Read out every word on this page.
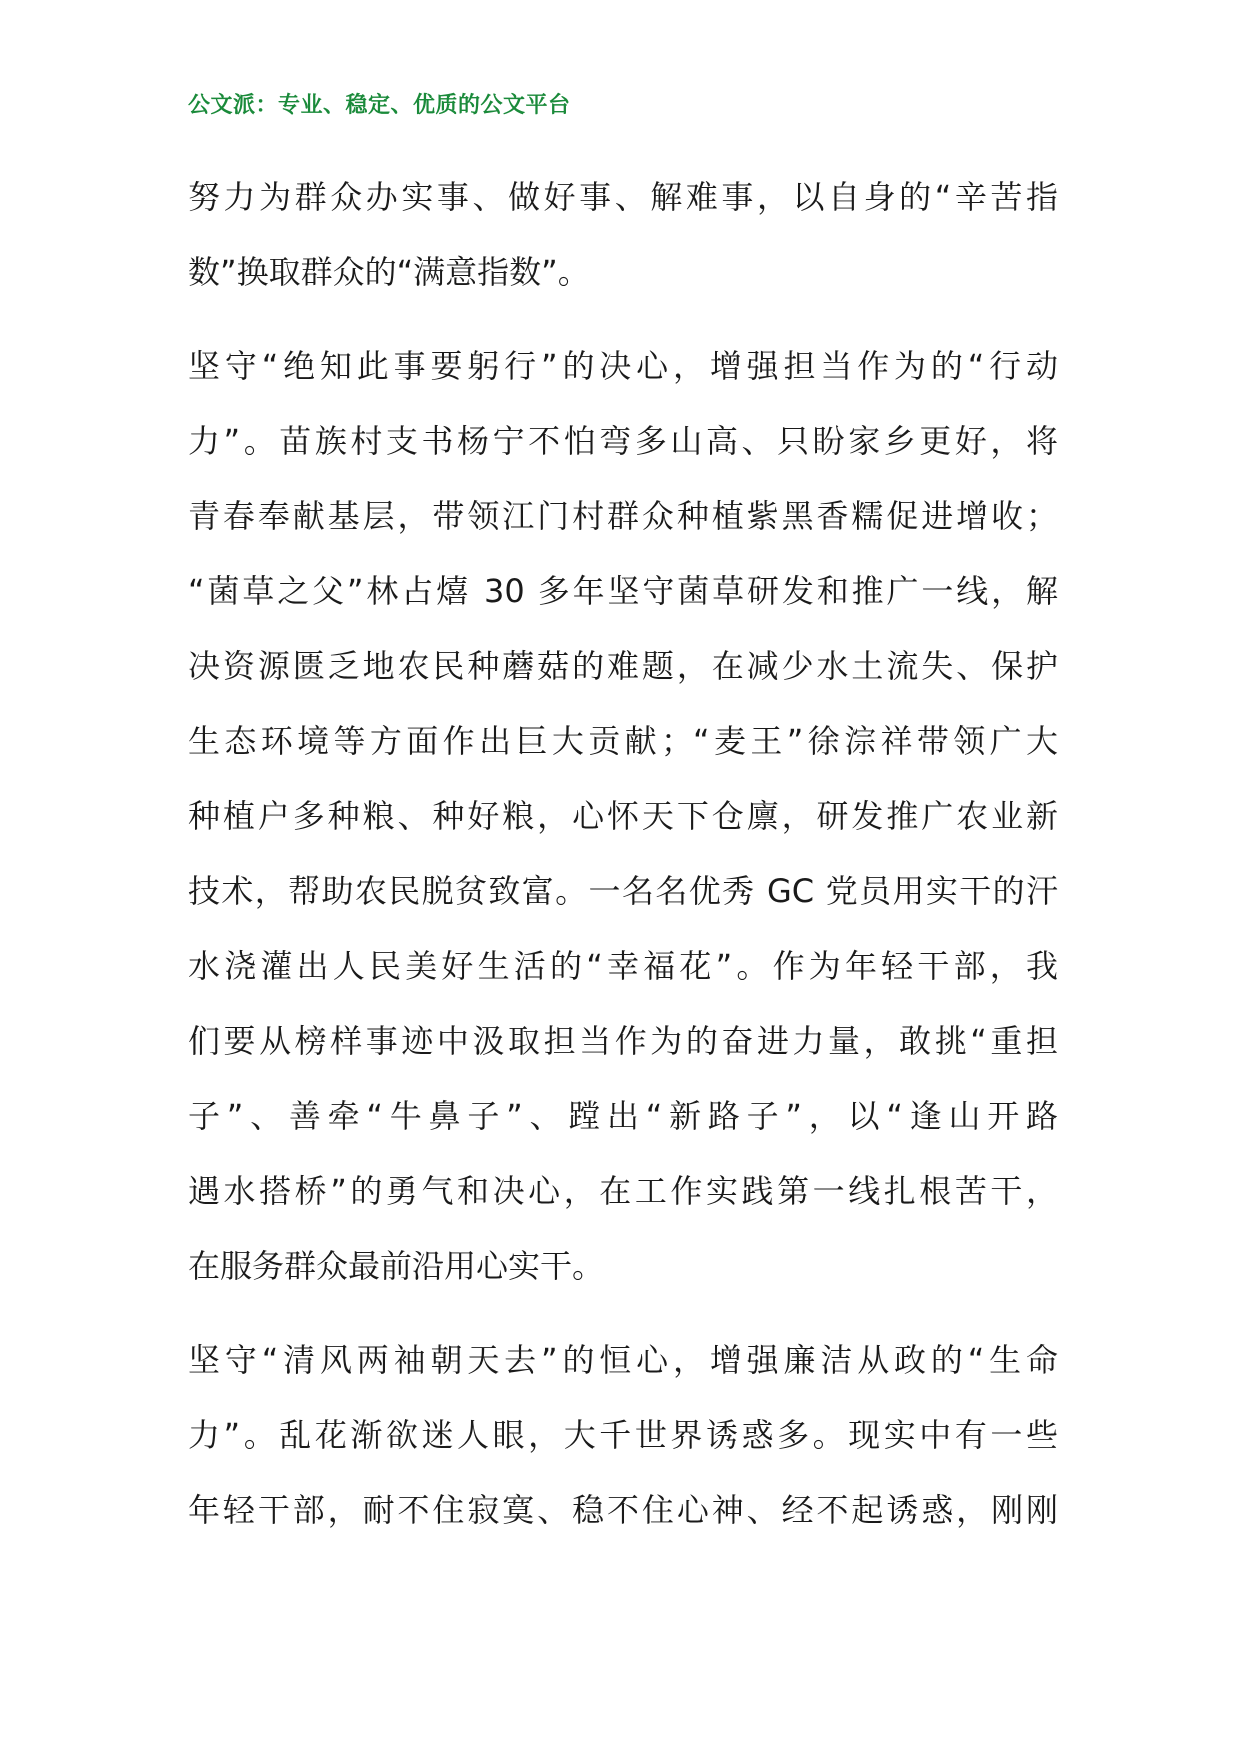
公文派：专业、稳定、优质的公文平台

努力为群众办实事、做好事、解难事，以自身的“辛苦指
数”换取群众的“满意指数”。

坚守“绝知此事要躬行”的决心，增强担当作为的“行动
力”。苗族村支书杨宁不怕弯多山高、只盼家乡更好，将
青春奉献基层，带领江门村群众种植紫黑香糯促进增收；
“菌草之父”林占熺 30 多年坚守菌草研发和推广一线，解
决资源匮乏地农民种蘑菇的难题，在减少水土流失、保护
生态环境等方面作出巨大贡献；“麦王”徐淙祥带领广大
种植户多种粮、种好粮，心怀天下仓廪，研发推广农业新
技术，帮助农民脱贫致富。一名名优秀 GC 党员用实干的汗
水浇灌出人民美好生活的“幸福花”。作为年轻干部，我
们要从榜样事迹中汲取担当作为的奋进力量，敢挑“重担
子”、善牵“牛鼻子”、蹚出“新路子”，以“逢山开路
遇水搭桥”的勇气和决心，在工作实践第一线扎根苦干，
在服务群众最前沿用心实干。

坚守“清风两袖朝天去”的恒心，增强廉洁从政的“生命
力”。乱花渐欲迷人眼，大千世界诱惑多。现实中有一些
年轻干部，耐不住寂寞、稳不住心神、经不起诱惑，刚刚
